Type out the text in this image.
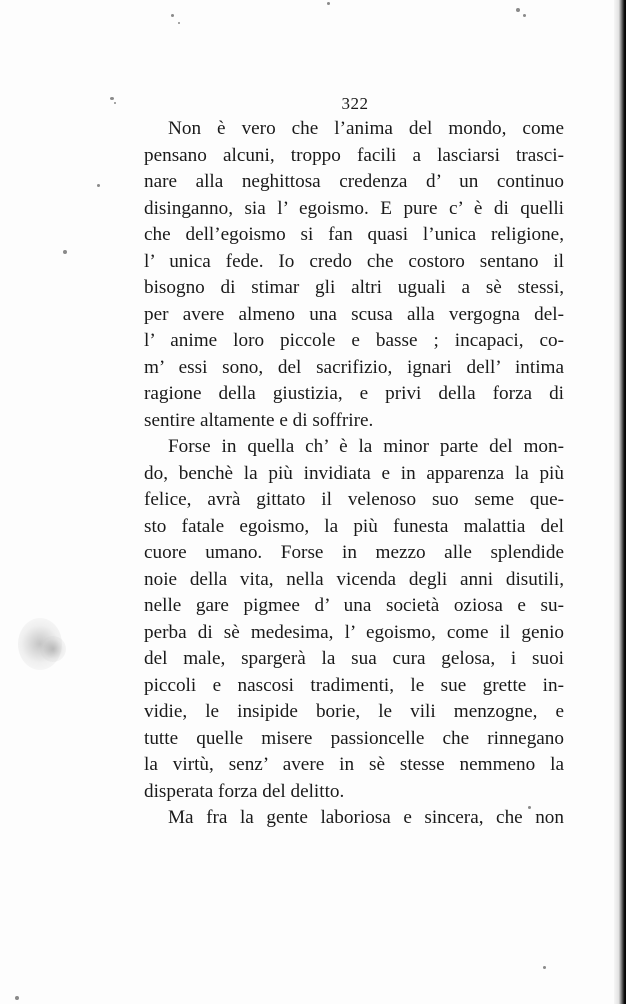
322
Non è vero che l’anima del mondo, come
pensano alcuni, troppo facili a lasciarsi trasci-
nare alla neghittosa credenza d’ un continuo
disinganno, sia l’ egoismo. E pure c’ è di quelli
che dell’egoismo si fan quasi l’unica religione,
l’ unica fede. Io credo che costoro sentano il
bisogno di stimar gli altri uguali a sè stessi,
per avere almeno una scusa alla vergogna del-
l’ anime loro piccole e basse ; incapaci, co-
m’ essi sono, del sacrifizio, ignari dell’ intima
ragione della giustizia, e privi della forza di
sentire altamente e di soffrire.
Forse in quella ch’ è la minor parte del mon-
do, benchè la più invidiata e in apparenza la più
felice, avrà gittato il velenoso suo seme que-
sto fatale egoismo, la più funesta malattia del
cuore umano. Forse in mezzo alle splendide
noie della vita, nella vicenda degli anni disutili,
nelle gare pigmee d’ una società oziosa e su-
perba di sè medesima, l’ egoismo, come il genio
del male, spargerà la sua cura gelosa, i suoi
piccoli e nascosi tradimenti, le sue grette in-
vidie, le insipide borie, le vili menzogne, e
tutte quelle misere passioncelle che rinnegano
la virtù, senz’ avere in sè stesse nemmeno la
disperata forza del delitto.
Ma fra la gente laboriosa e sincera, che non
